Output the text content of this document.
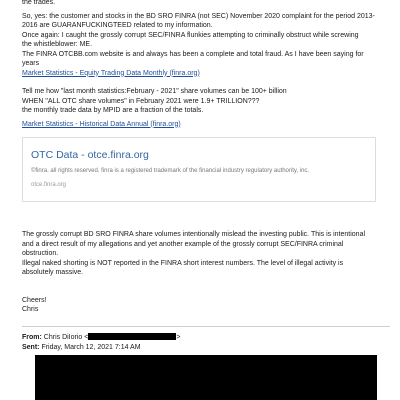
the trades.

So, yes: the customer and stocks in the BD SRO FINRA (not SEC) November 2020 complaint for the period 2013-
2016 are GUARANFUCKINGTEED related to my information.
Once again: I caught the grossly corrupt SEC/FINRA flunkies attempting to criminally obstruct while screwing
the whistleblower: ME.
The FINRA OTCBB.com website is and always has been a complete and total fraud. As I have been saying for
years

Market Statistics - Equity Trading Data Monthly (finra.org)

Tell me how "last month statistics:February - 2021" share volumes can be 100+ billion
WHEN "ALL OTC share volumes" in February 2021 were 1.9+ TRILLION???
the monthly trade data by MPID are a fraction of the totals.

Market Statistics - Historical Data Annual (finra.org)
OTC Data - otce.finra.org
©finra. all rights reserved. finra is a registered trademark of the financial industry regulatory authority, inc.
otce.finra.org

The grossly corrupt BD SRO FINRA share volumes intentionally mislead the investing public. This is intentional
and a direct result of my allegations and yet another example of the grossly corrupt SEC/FINRA criminal
obstruction.

Illegal naked shorting is NOT reported in the FINRA short interest numbers. The level of illegal activity is
absolutely massive.

Cheers!
Chris

From: Chris DiIorio <	>
Sent: Friday, March 12, 2021 7:14 AM
